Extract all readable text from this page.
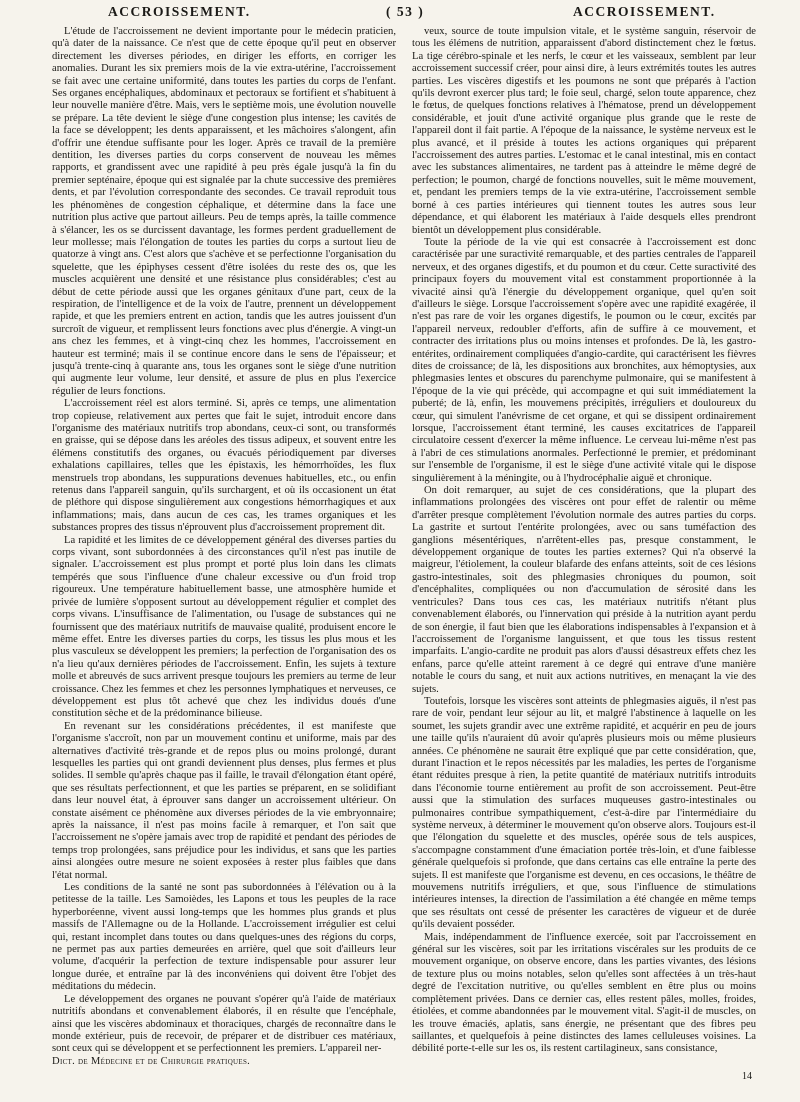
ACCROISSEMENT.	( 53 )	ACCROISSEMENT.

L'étude de l'accroissement ne devient importante pour le médecin praticien, qu'à dater de la naissance. Ce n'est que de cette époque qu'il peut en observer directement les diverses périodes, en diriger les efforts, en corriger les anomalies. Durant les six premiers mois de la vie extra-utérine, l'accroissement se fait avec une certaine uniformité, dans toutes les parties du corps de l'enfant. Ses organes encéphaliques, abdominaux et pectoraux se fortifient et s'habituent à leur nouvelle manière d'être. Mais, vers le septième mois, une évolution nouvelle se prépare. La tête devient le siège d'une congestion plus intense; les cavités de la face se développent; les dents apparaissent, et les mâchoires s'alongent, afin d'offrir une étendue suffisante pour les loger. Après ce travail de la première dentition, les diverses parties du corps conservent de nouveau les mêmes rapports, et grandissent avec une rapidité à peu près égale jusqu'à la fin du premier septénaire, époque qui est signalée par la chute successive des premières dents, et par l'évolution correspondante des secondes. Ce travail reproduit tous les phénomènes de congestion céphalique, et détermine dans la face une nutrition plus active que partout ailleurs. Peu de temps après, la taille commence à s'élancer, les os se durcissent davantage, les formes perdent graduellement de leur mollesse; mais l'élongation de toutes les parties du corps a surtout lieu de quatorze à vingt ans. C'est alors que s'achève et se perfectionne l'organisation du squelette, que les épiphyses cessent d'être isolées du reste des os, que les muscles acquièrent une densité et une résistance plus considérables; c'est au début de cette période aussi que les organes génitaux d'une part, ceux de la respiration, de l'intelligence et de la voix de l'autre, prennent un développement rapide, et que les premiers entrent en action, tandis que les autres jouissent d'un surcroît de vigueur, et remplissent leurs fonctions avec plus d'énergie. A vingt-un ans chez les femmes, et à vingt-cinq chez les hommes, l'accroissement en hauteur est terminé; mais il se continue encore dans le sens de l'épaisseur; et jusqu'à trente-cinq à quarante ans, tous les organes sont le siège d'une nutrition qui augmente leur volume, leur densité, et assure de plus en plus l'exercice régulier de leurs fonctions.

L'accroissement réel est alors terminé. Si, après ce temps, une alimentation trop copieuse, relativement aux pertes que fait le sujet, introduit encore dans l'organisme des matériaux nutritifs trop abondans, ceux-ci sont, ou transformés en graisse, qui se dépose dans les aréoles des tissus adipeux, et souvent entre les élémens constitutifs des organes, ou évacués périodiquement par diverses exhalations capillaires, telles que les épistaxis, les hémorrhoïdes, les flux menstruels trop abondans, les suppurations devenues habituelles, etc., ou enfin retenus dans l'appareil sanguin, qu'ils surchargent, et où ils occasionent un état de pléthore qui dispose singulièrement aux congestions hémorrhagiques et aux inflammations; mais, dans aucun de ces cas, les trames organiques et les substances propres des tissus n'éprouvent plus d'accroissement proprement dit.

La rapidité et les limites de ce développement général des diverses parties du corps vivant, sont subordonnées à des circonstances qu'il n'est pas inutile de signaler. L'accroissement est plus prompt et porté plus loin dans les climats tempérés que sous l'influence d'une chaleur excessive ou d'un froid trop rigoureux. Une température habituellement basse, une atmosphère humide et privée de lumière s'opposent surtout au développement régulier et complet des corps vivans. L'insuffisance de l'alimentation, ou l'usage de substances qui ne fournissent que des matériaux nutritifs de mauvaise qualité, produisent encore le même effet. Entre les diverses parties du corps, les tissus les plus mous et les plus vasculeux se développent les premiers; la perfection de l'organisation des os n'a lieu qu'aux dernières périodes de l'accroissement. Enfin, les sujets à texture molle et abreuvés de sucs arrivent presque toujours les premiers au terme de leur croissance. Chez les femmes et chez les personnes lymphatiques et nerveuses, ce développement est plus tôt achevé que chez les individus doués d'une constitution sèche et de la prédominance bilieuse.

En revenant sur les considérations précédentes, il est manifeste que l'organisme s'accroît, non par un mouvement continu et uniforme, mais par des alternatives d'activité très-grande et de repos plus ou moins prolongé, durant lesquelles les parties qui ont grandi deviennent plus denses, plus fermes et plus solides. Il semble qu'après chaque pas il faille, le travail d'élongation étant opéré, que ses résultats perfectionnent, et que les parties se préparent, en se solidifiant dans leur nouvel état, à éprouver sans danger un accroissement ultérieur. On constate aisément ce phénomène aux diverses périodes de la vie embryonnaire; après la naissance, il n'est pas moins facile à remarquer, et l'on sait que l'accroissement ne s'opère jamais avec trop de rapidité et pendant des périodes de temps trop prolongées, sans préjudice pour les individus, et sans que les parties ainsi alongées outre mesure ne soient exposées à rester plus faibles que dans l'état normal.

Les conditions de la santé ne sont pas subordonnées à l'élévation ou à la petitesse de la taille. Les Samoièdes, les Lapons et tous les peuples de la race hyperboréenne, vivent aussi long-temps que les hommes plus grands et plus massifs de l'Allemagne ou de la Hollande. L'accroissement irrégulier est celui qui, restant incomplet dans toutes ou dans quelques-unes des régions du corps, ne permet pas aux parties demeurées en arrière, quel que soit d'ailleurs leur volume, d'acquérir la perfection de texture indispensable pour assurer leur longue durée, et entraîne par là des inconvéniens qui doivent être l'objet des méditations du médecin.

Le développement des organes ne pouvant s'opérer qu'à l'aide de matériaux nutritifs abondans et convenablement élaborés, il en résulte que l'encéphale, ainsi que les viscères abdominaux et thoraciques, chargés de reconnaître dans le monde extérieur, puis de recevoir, de préparer et de distribuer ces matériaux, sont ceux qui se développent et se perfectionnent les premiers. L'appareil ner-

Dict. de Médecine et de Chirurgie pratiques.

veux, source de toute impulsion vitale, et le système sanguin, réservoir de tous les élémens de nutrition, apparaissent d'abord distinctement chez le fœtus. La tige cérébro-spinale et les nerfs, le cœur et les vaisseaux, semblent par leur accroissement successif créer, pour ainsi dire, à leurs extrémités toutes les autres parties. Les viscères digestifs et les poumons ne sont que préparés à l'action qu'ils devront exercer plus tard; le foie seul, chargé, selon toute apparence, chez le fœtus, de quelques fonctions relatives à l'hématose, prend un développement considérable, et jouit d'une activité organique plus grande que le reste de l'appareil dont il fait partie. A l'époque de la naissance, le système nerveux est le plus avancé, et il préside à toutes les actions organiques qui préparent l'accroissement des autres parties. L'estomac et le canal intestinal, mis en contact avec les substances alimentaires, ne tardent pas à atteindre le même degré de perfection; le poumon, chargé de fonctions nouvelles, suit le même mouvement, et, pendant les premiers temps de la vie extra-utérine, l'accroissement semble borné à ces parties intérieures qui tiennent toutes les autres sous leur dépendance, et qui élaborent les matériaux à l'aide desquels elles prendront bientôt un développement plus considérable.

Toute la période de la vie qui est consacrée à l'accroissement est donc caractérisée par une suractivité remarquable, et des parties centrales de l'appareil nerveux, et des organes digestifs, et du poumon et du cœur. Cette suractivité des principaux foyers du mouvement vital est constamment proportionnée à la vivacité ainsi qu'à l'énergie du développement organique, quel qu'en soit d'ailleurs le siège. Lorsque l'accroissement s'opère avec une rapidité exagérée, il n'est pas rare de voir les organes digestifs, le poumon ou le cœur, excités par l'appareil nerveux, redoubler d'efforts, afin de suffire à ce mouvement, et contracter des irritations plus ou moins intenses et profondes. De là, les gastro-entérites, ordinairement compliquées d'angio-cardite, qui caractérisent les fièvres dites de croissance; de là, les dispositions aux bronchites, aux hémoptysies, aux phlegmasies lentes et obscures du parenchyme pulmonaire, qui se manifestent à l'époque de la vie qui précède, qui accompagne et qui suit immédiatement la puberté; de là, enfin, les mouvemens précipités, irréguliers et douloureux du cœur, qui simulent l'anévrisme de cet organe, et qui se dissipent ordinairement lorsque, l'accroissement étant terminé, les causes excitatrices de l'appareil circulatoire cessent d'exercer la même influence. Le cerveau lui-même n'est pas à l'abri de ces stimulations anormales. Perfectionné le premier, et prédominant sur l'ensemble de l'organisme, il est le siège d'une activité vitale qui le dispose singulièrement à la méningite, ou à l'hydrocéphalie aiguë et chronique.

On doit remarquer, au sujet de ces considérations, que la plupart des inflammations prolongées des viscères ont pour effet de ralentir ou même d'arrêter presque complètement l'évolution normale des autres parties du corps. La gastrite et surtout l'entérite prolongées, avec ou sans tuméfaction des ganglions mésentériques, n'arrêtent-elles pas, presque constamment, le développement organique de toutes les parties externes? Qui n'a observé la maigreur, l'étiolement, la couleur blafarde des enfans atteints, soit de ces lésions gastro-intestinales, soit des phlegmasies chroniques du poumon, soit d'encéphalites, compliquées ou non d'accumulation de sérosité dans les ventricules? Dans tous ces cas, les matériaux nutritifs n'étant plus convenablement élaborés, ou l'innervation qui préside à la nutrition ayant perdu de son énergie, il faut bien que les élaborations indispensables à l'expansion et à l'accroissement de l'organisme languissent, et que tous les tissus restent imparfaits. L'angio-cardite ne produit pas alors d'aussi désastreux effets chez les enfans, parce qu'elle atteint rarement à ce degré qui entrave d'une manière notable le cours du sang, et nuit aux actions nutritives, en menaçant la vie des sujets.

Toutefois, lorsque les viscères sont atteints de phlegmasies aiguës, il n'est pas rare de voir, pendant leur séjour au lit, et malgré l'abstinence à laquelle on les soumet, les sujets grandir avec une extrême rapidité, et acquérir en peu de jours une taille qu'ils n'auraient dû avoir qu'après plusieurs mois ou même plusieurs années. Ce phénomène ne saurait être expliqué que par cette considération, que, durant l'inaction et le repos nécessités par les maladies, les pertes de l'organisme étant réduites presque à rien, la petite quantité de matériaux nutritifs introduits dans l'économie tourne entièrement au profit de son accroissement. Peut-être aussi que la stimulation des surfaces muqueuses gastro-intestinales ou pulmonaires contribue sympathiquement, c'est-à-dire par l'intermédiaire du système nerveux, à déterminer le mouvement qu'on observe alors. Toujours est-il que l'élongation du squelette et des muscles, opérée sous de tels auspices, s'accompagne constamment d'une émaciation portée très-loin, et d'une faiblesse générale quelquefois si profonde, que dans certains cas elle entraîne la perte des sujets. Il est manifeste que l'organisme est devenu, en ces occasions, le théâtre de mouvemens nutritifs irréguliers, et que, sous l'influence de stimulations intérieures intenses, la direction de l'assimilation a été changée en même temps que ses résultats ont cessé de présenter les caractères de vigueur et de durée qu'ils devaient posséder.

Mais, indépendamment de l'influence exercée, soit par l'accroissement en général sur les viscères, soit par les irritations viscérales sur les produits de ce mouvement organique, on observe encore, dans les parties vivantes, des lésions de texture plus ou moins notables, selon qu'elles sont affectées à un très-haut degré de l'excitation nutritive, ou qu'elles semblent en être plus ou moins complètement privées. Dans ce dernier cas, elles restent pâles, molles, froides, étiolées, et comme abandonnées par le mouvement vital. S'agit-il de muscles, on les trouve émaciés, aplatis, sans énergie, ne présentant que des fibres peu saillantes, et quelquefois à peine distinctes des lames celluleuses voisines. La débilité porte-t-elle sur les os, ils restent cartilagineux, sans consistance,

14
